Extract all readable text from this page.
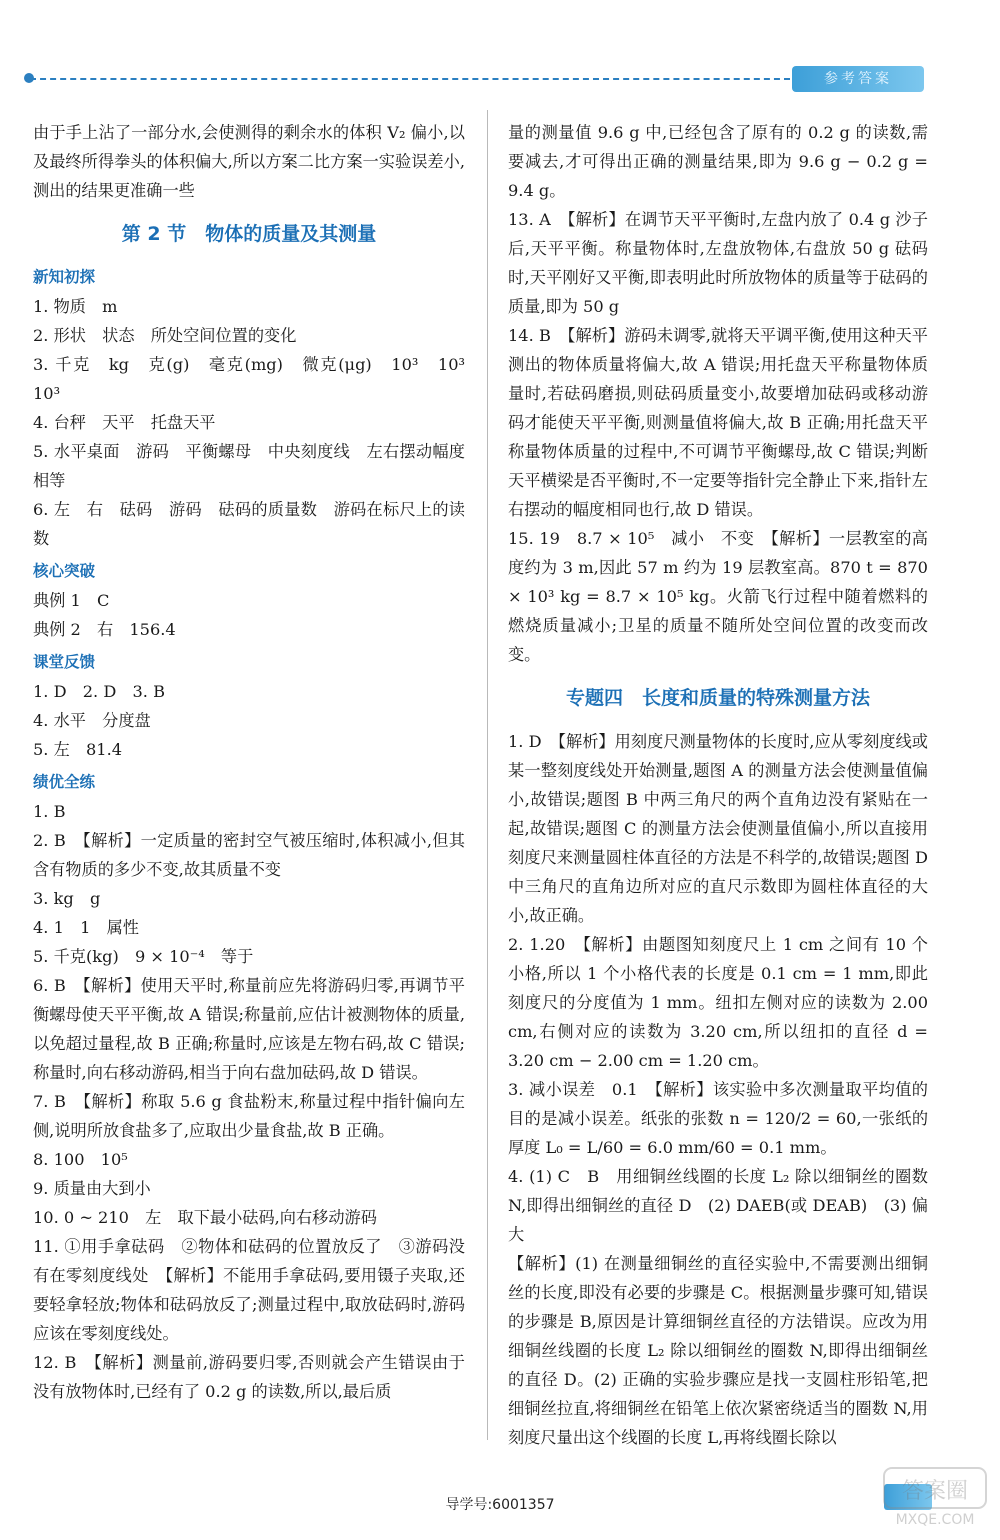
参考答案

由于手上沾了一部分水,会使测得的剩余水的体积 V₂ 偏小,以及最终所得拳头的体积偏大,所以方案二比方案一实验误差小,测出的结果更准确一些

第 2 节　物体的质量及其测量
新知初探

1. 物质　m

2. 形状　状态　所处空间位置的变化

3. 千克　kg　克(g)　毫克(mg)　微克(μg)　10³　10³　10³

4. 台秤　天平　托盘天平

5. 水平桌面　游码　平衡螺母　中央刻度线　左右摆动幅度相等

6. 左　右　砝码　游码　砝码的质量数　游码在标尺上的读数

核心突破

典例 1　C

典例 2　右　156.4

课堂反馈

1. D　2. D　3. B

4. 水平　分度盘

5. 左　81.4

绩优全练

1. B

2. B　【解析】一定质量的密封空气被压缩时,体积减小,但其含有物质的多少不变,故其质量不变

3. kg　g

4. 1　1　属性

5. 千克(kg)　9 × 10⁻⁴　等于

6. B　【解析】使用天平时,称量前应先将游码归零,再调节平衡螺母使天平平衡,故 A 错误;称量前,应估计被测物体的质量,以免超过量程,故 B 正确;称量时,应该是左物右码,故 C 错误;称量时,向右移动游码,相当于向右盘加砝码,故 D 错误。

7. B　【解析】称取 5.6 g 食盐粉末,称量过程中指针偏向左侧,说明所放食盐多了,应取出少量食盐,故 B 正确。

8. 100　10⁵

9. 质量由大到小

10. 0 ~ 210　左　取下最小砝码,向右移动游码

11. ①用手拿砝码　②物体和砝码的位置放反了　③游码没有在零刻度线处　【解析】不能用手拿砝码,要用镊子夹取,还要轻拿轻放;物体和砝码放反了;测量过程中,取放砝码时,游码应该在零刻度线处。

12. B　【解析】测量前,游码要归零,否则就会产生错误由于没有放物体时,已经有了 0.2 g 的读数,所以,最后质

量的测量值 9.6 g 中,已经包含了原有的 0.2 g 的读数,需要减去,才可得出正确的测量结果,即为 9.6 g − 0.2 g = 9.4 g。

13. A　【解析】在调节天平平衡时,左盘内放了 0.4 g 沙子后,天平平衡。称量物体时,左盘放物体,右盘放 50 g 砝码时,天平刚好又平衡,即表明此时所放物体的质量等于砝码的质量,即为 50 g

14. B　【解析】游码未调零,就将天平调平衡,使用这种天平测出的物体质量将偏大,故 A 错误;用托盘天平称量物体质量时,若砝码磨损,则砝码质量变小,故要增加砝码或移动游码才能使天平平衡,则测量值将偏大,故 B 正确;用托盘天平称量物体质量的过程中,不可调节平衡螺母,故 C 错误;判断天平横梁是否平衡时,不一定要等指针完全静止下来,指针左右摆动的幅度相同也行,故 D 错误。

15. 19　8.7 × 10⁵　减小　不变　【解析】一层教室的高度约为 3 m,因此 57 m 约为 19 层教室高。870 t = 870 × 10³ kg = 8.7 × 10⁵ kg。火箭飞行过程中随着燃料的燃烧质量减小;卫星的质量不随所处空间位置的改变而改变。

专题四　长度和质量的特殊测量方法

1. D　【解析】用刻度尺测量物体的长度时,应从零刻度线或某一整刻度线处开始测量,题图 A 的测量方法会使测量值偏小,故错误;题图 B 中两三角尺的两个直角边没有紧贴在一起,故错误;题图 C 的测量方法会使测量值偏小,所以直接用刻度尺来测量圆柱体直径的方法是不科学的,故错误;题图 D 中三角尺的直角边所对应的直尺示数即为圆柱体直径的大小,故正确。

2. 1.20　【解析】由题图知刻度尺上 1 cm 之间有 10 个小格,所以 1 个小格代表的长度是 0.1 cm = 1 mm,即此刻度尺的分度值为 1 mm。纽扣左侧对应的读数为 2.00 cm,右侧对应的读数为 3.20 cm,所以纽扣的直径 d = 3.20 cm − 2.00 cm = 1.20 cm。

3. 减小误差　0.1　【解析】该实验中多次测量取平均值的目的是减小误差。纸张的张数 n = 120/2 = 60,一张纸的厚度 L₀ = L/60 = 6.0 mm/60 = 0.1 mm。

4. (1) C　B　用细铜丝线圈的长度 L₂ 除以细铜丝的圈数 N,即得出细铜丝的直径 D　(2) DAEB(或 DEAB)　(3) 偏大

【解析】(1) 在测量细铜丝的直径实验中,不需要测出细铜丝的长度,即没有必要的步骤是 C。根据测量步骤可知,错误的步骤是 B,原因是计算细铜丝直径的方法错误。应改为用细铜丝线圈的长度 L₂ 除以细铜丝的圈数 N,即得出细铜丝的直径 D。(2) 正确的实验步骤应是找一支圆柱形铅笔,把细铜丝拉直,将细铜丝在铅笔上依次紧密绕适当的圈数 N,用刻度尺量出这个线圈的长度 L,再将线圈长除以

答案圈
MXQE.COM
导学号:6001357
